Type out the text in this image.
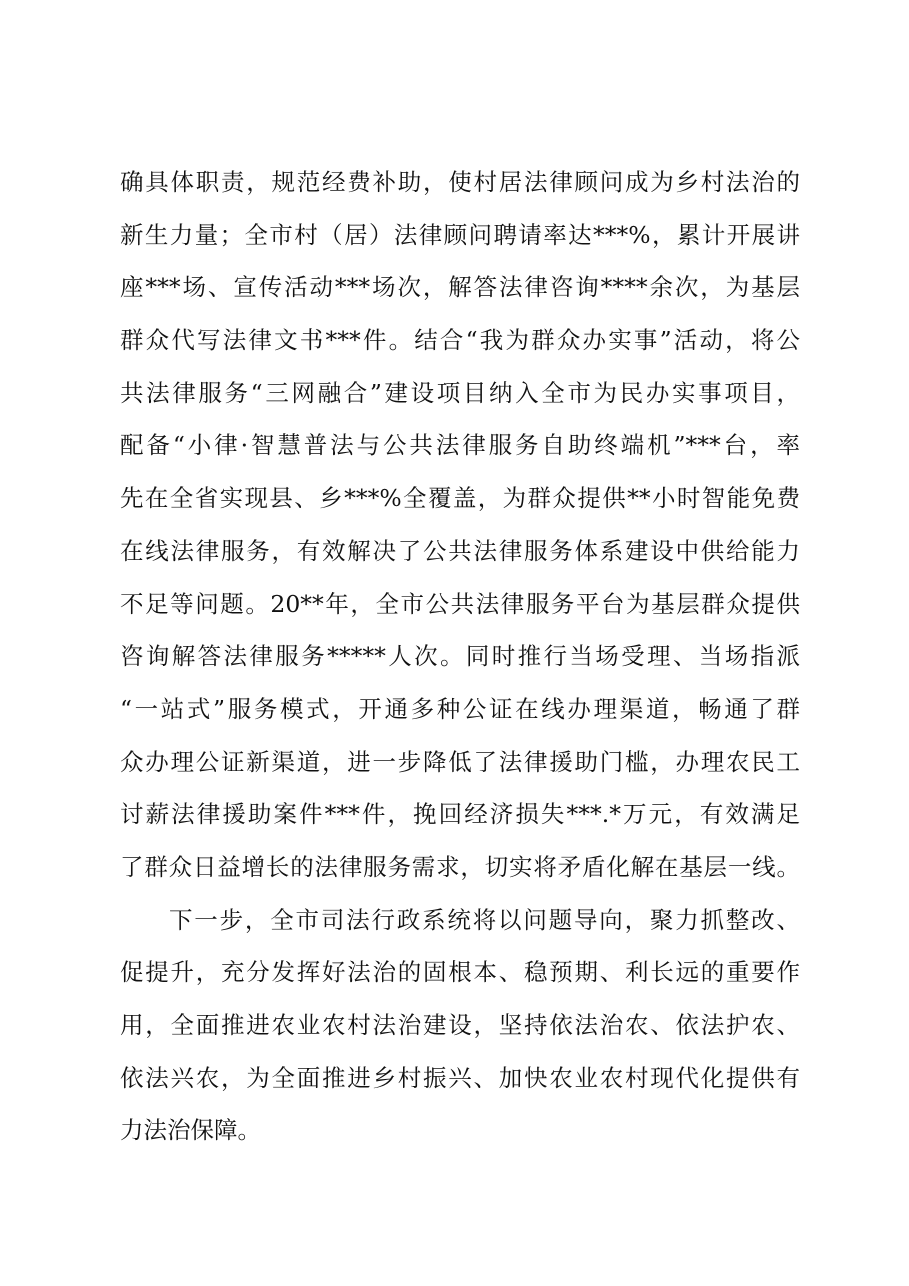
确具体职责，规范经费补助，使村居法律顾问成为乡村法治的
新生力量；全市村（居）法律顾问聘请率达***%，累计开展讲
座***场、宣传活动***场次，解答法律咨询****余次，为基层
群众代写法律文书***件。结合“我为群众办实事”活动，将公
共法律服务“三网融合”建设项目纳入全市为民办实事项目，
配备“小律·智慧普法与公共法律服务自助终端机”***台，率
先在全省实现县、乡***%全覆盖，为群众提供**小时智能免费
在线法律服务，有效解决了公共法律服务体系建设中供给能力
不足等问题。20**年，全市公共法律服务平台为基层群众提供
咨询解答法律服务*****人次。同时推行当场受理、当场指派
“一站式”服务模式，开通多种公证在线办理渠道，畅通了群
众办理公证新渠道，进一步降低了法律援助门槛，办理农民工
讨薪法律援助案件***件，挽回经济损失***.*万元，有效满足
了群众日益增长的法律服务需求，切实将矛盾化解在基层一线。
下一步，全市司法行政系统将以问题导向，聚力抓整改、
促提升，充分发挥好法治的固根本、稳预期、利长远的重要作
用，全面推进农业农村法治建设，坚持依法治农、依法护农、
依法兴农，为全面推进乡村振兴、加快农业农村现代化提供有
力法治保障。
